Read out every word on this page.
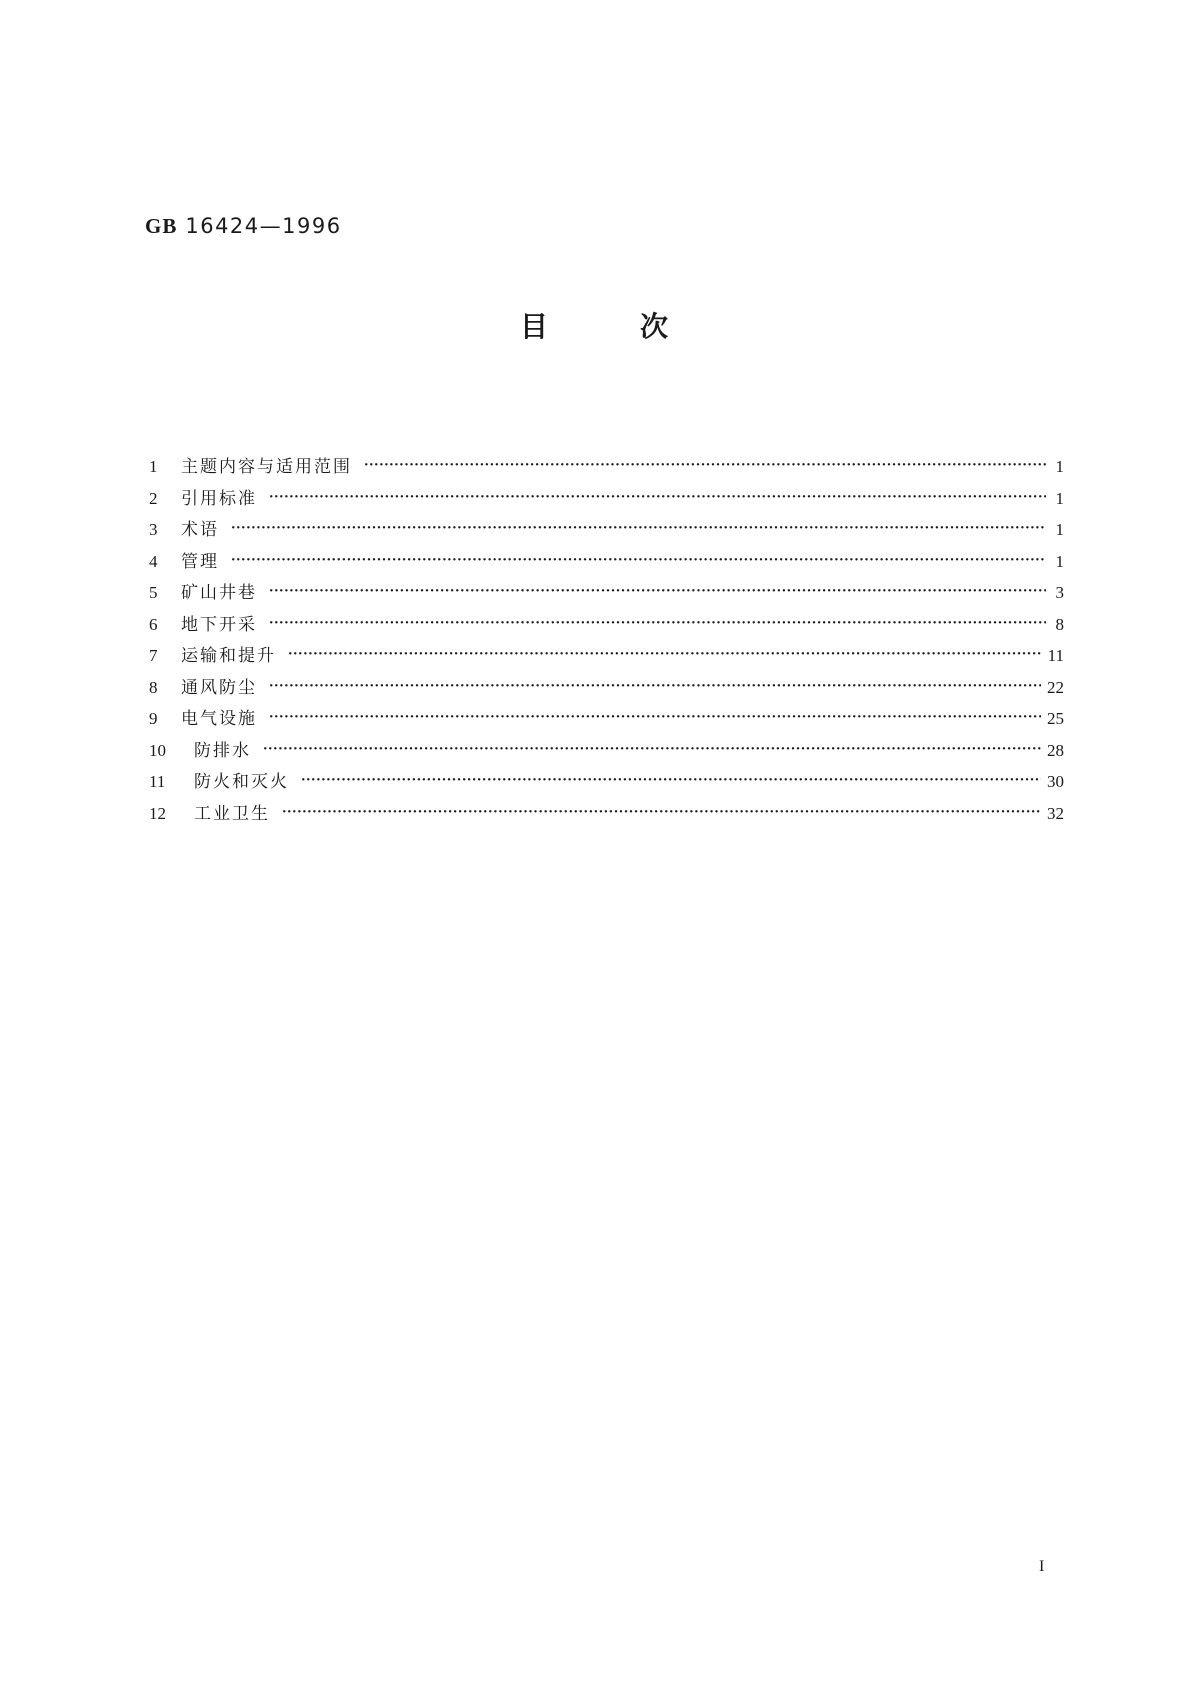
GB 16424—1996
目	次
1	主题内容与适用范围 ·····	1
2	引用标准 ·····	1
3	术语 ·····	1
4	管理 ·····	1
5	矿山井巷 ·····	3
6	地下开采 ·····	8
7	运输和提升 ·····	11
8	通风防尘 ·····	22
9	电气设施 ·····	25
10	防排水 ·····	28
11	防火和灭火 ·····	30
12	工业卫生 ·····	32
I
